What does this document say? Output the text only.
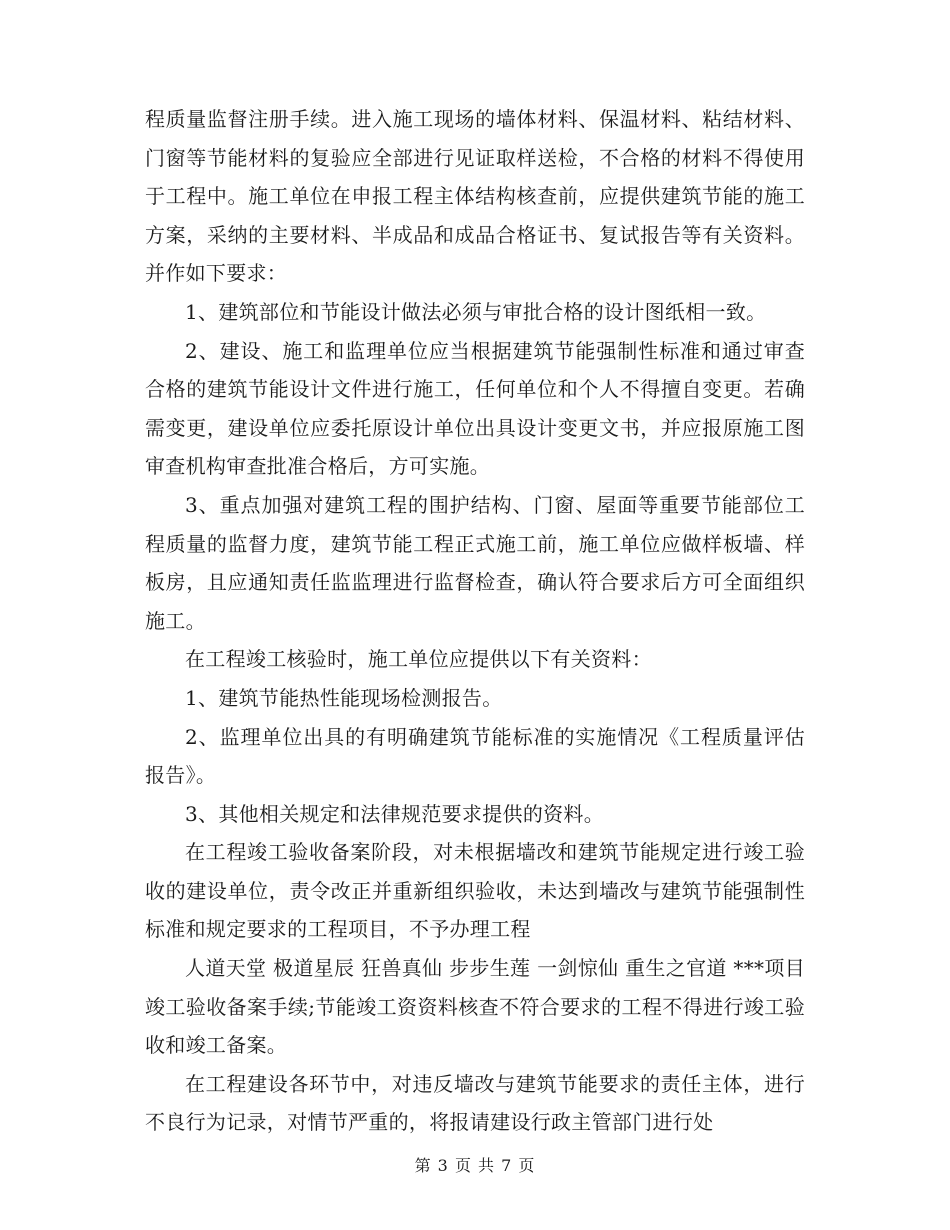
程质量监督注册手续。进入施工现场的墙体材料、保温材料、粘结材料、门窗等节能材料的复验应全部进行见证取样送检，不合格的材料不得使用于工程中。施工单位在申报工程主体结构核查前，应提供建筑节能的施工方案，采纳的主要材料、半成品和成品合格证书、复试报告等有关资料。并作如下要求：

1、建筑部位和节能设计做法必须与审批合格的设计图纸相一致。

2、建设、施工和监理单位应当根据建筑节能强制性标准和通过审查合格的建筑节能设计文件进行施工，任何单位和个人不得擅自变更。若确需变更，建设单位应委托原设计单位出具设计变更文书，并应报原施工图审查机构审查批准合格后，方可实施。

3、重点加强对建筑工程的围护结构、门窗、屋面等重要节能部位工程质量的监督力度，建筑节能工程正式施工前，施工单位应做样板墙、样板房，且应通知责任监监理进行监督检查，确认符合要求后方可全面组织施工。

在工程竣工核验时，施工单位应提供以下有关资料：

1、建筑节能热性能现场检测报告。

2、监理单位出具的有明确建筑节能标准的实施情况《工程质量评估报告》。

3、其他相关规定和法律规范要求提供的资料。

在工程竣工验收备案阶段，对未根据墙改和建筑节能规定进行竣工验收的建设单位，责令改正并重新组织验收，未达到墙改与建筑节能强制性标准和规定要求的工程项目，不予办理工程

人道天堂 极道星辰 狂兽真仙 步步生莲 一剑惊仙 重生之官道 ***项目竣工验收备案手续;节能竣工资资料核查不符合要求的工程不得进行竣工验收和竣工备案。

在工程建设各环节中，对违反墙改与建筑节能要求的责任主体，进行不良行为记录，对情节严重的，将报请建设行政主管部门进行处

第 3 页 共 7 页
